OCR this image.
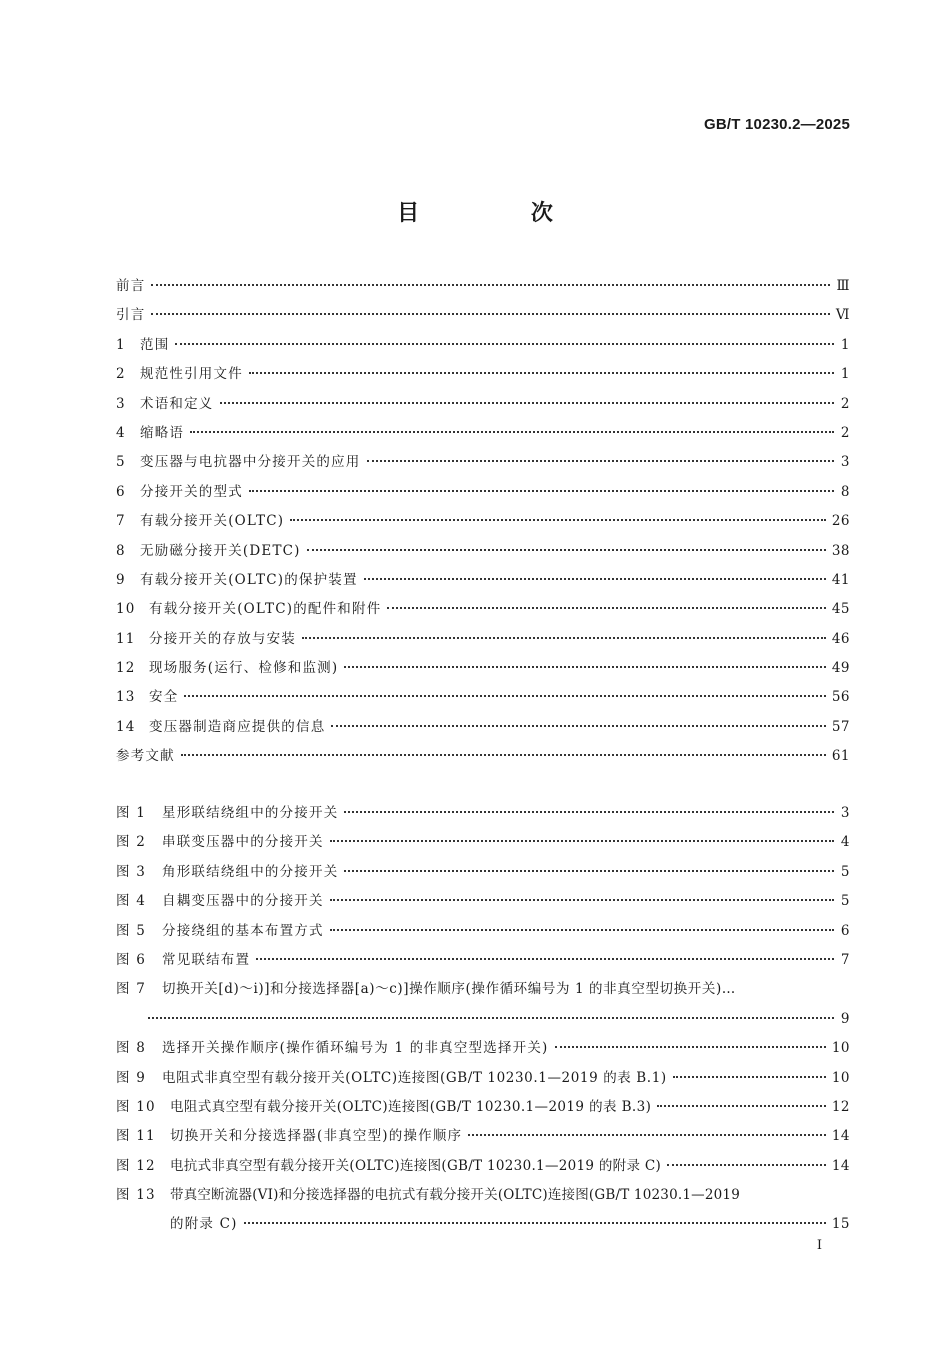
GB/T 10230.2—2025
目 次
前言	Ⅲ
引言	Ⅵ
1	范围	1
2	规范性引用文件	1
3	术语和定义	2
4	缩略语	2
5	变压器与电抗器中分接开关的应用	3
6	分接开关的型式	8
7	有载分接开关(OLTC)	26
8	无励磁分接开关(DETC)	38
9	有载分接开关(OLTC)的保护装置	41
10 有载分接开关(OLTC)的配件和附件	45
11 分接开关的存放与安装	46
12 现场服务(运行、检修和监测)	49
13 安全	56
14 变压器制造商应提供的信息	57
参考文献	61
图 1	星形联结绕组中的分接开关	3
图 2	串联变压器中的分接开关	4
图 3	角形联结绕组中的分接开关	5
图 4	自耦变压器中的分接开关	5
图 5	分接绕组的基本布置方式	6
图 6	常见联结布置	7
图 7	切换开关[d)～i)]和分接选择器[a)～c)]操作顺序(操作循环编号为 1 的非真空型切换开关)…
9
图 8	选择开关操作顺序(操作循环编号为 1 的非真空型选择开关)	10
图 9	电阻式非真空型有载分接开关(OLTC)连接图(GB/T 10230.1—2019 的表 B.1)	10
图 10	电阻式真空型有载分接开关(OLTC)连接图(GB/T 10230.1—2019 的表 B.3)	12
图 11	切换开关和分接选择器(非真空型)的操作顺序	14
图 12	电抗式非真空型有载分接开关(OLTC)连接图(GB/T 10230.1—2019 的附录 C)	14
图 13	带真空断流器(VI)和分接选择器的电抗式有载分接开关(OLTC)连接图(GB/T 10230.1—2019
的附录 C)	15
I
